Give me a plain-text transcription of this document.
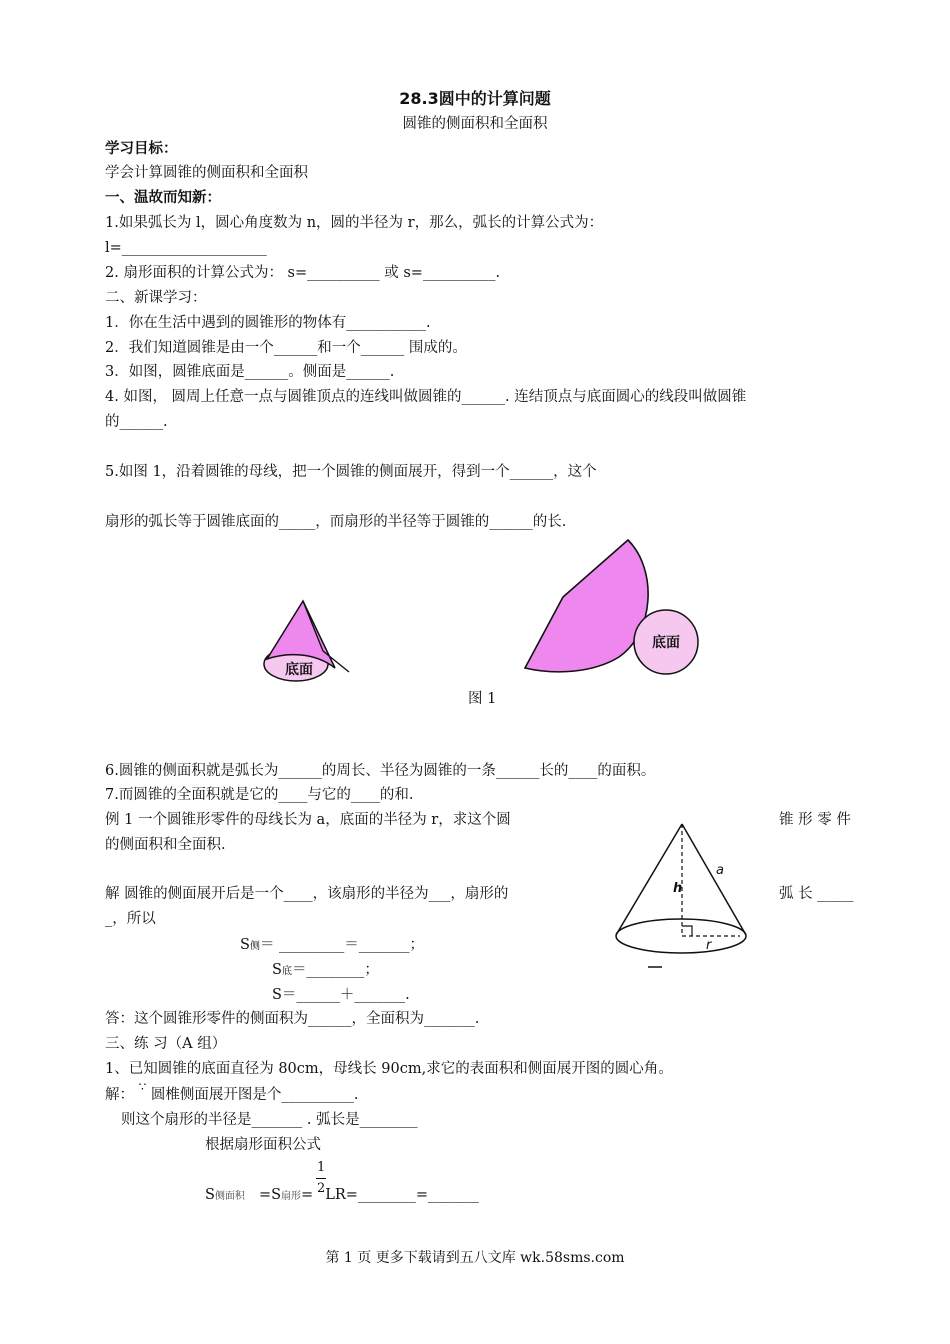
28.3圆中的计算问题
圆锥的侧面积和全面积
学习目标：
学会计算圆锥的侧面积和全面积
一、温故而知新：
1.如果弧长为 l，圆心角度数为 n，圆的半径为 r，那么，弧长的计算公式为：
l=____________________
2. 扇形面积的计算公式为： s=__________ 或 s=__________.
二、新课学习：
1．你在生活中遇到的圆锥形的物体有___________.
2．我们知道圆锥是由一个______和一个______ 围成的。
3．如图，圆锥底面是______。侧面是______.
4. 如图， 圆周上任意一点与圆锥顶点的连线叫做圆锥的______. 连结顶点与底面圆心的线段叫做圆锥
的______.
5.如图 1，沿着圆锥的母线，把一个圆锥的侧面展开，得到一个______，这个
扇形的弧长等于圆锥底面的_____，而扇形的半径等于圆锥的______的长.
底面
底面
图 1
6.圆锥的侧面积就是弧长为______的周长、半径为圆锥的一条______长的____的面积。
7.而圆锥的全面积就是它的____与它的____的和.
例 1 一个圆锥形零件的母线长为 a，底面的半径为 r，求这个圆	锥 形 零 件
的侧面积和全面积.
解 圆锥的侧面展开后是一个____，该扇形的半径为___，扇形的	弧 长 _____
_，所以
S侧＝ _________＝_______；
S底＝________；
S＝______＋_______.
h
a
r
答：这个圆锥形零件的侧面积为______，全面积为_______.
三、练 习（A 组）
1、已知圆锥的底面直径为 80cm，母线长 90cm,求它的表面积和侧面展开图的圆心角。
解： ∵ 圆椎侧面展开图是个__________.
则这个扇形的半径是_______ . 弧长是________
根据扇形面积公式
S侧面积 =S扇形= LR=________=_______
1
2
第 1 页 更多下载请到五八文库 wk.58sms.com
